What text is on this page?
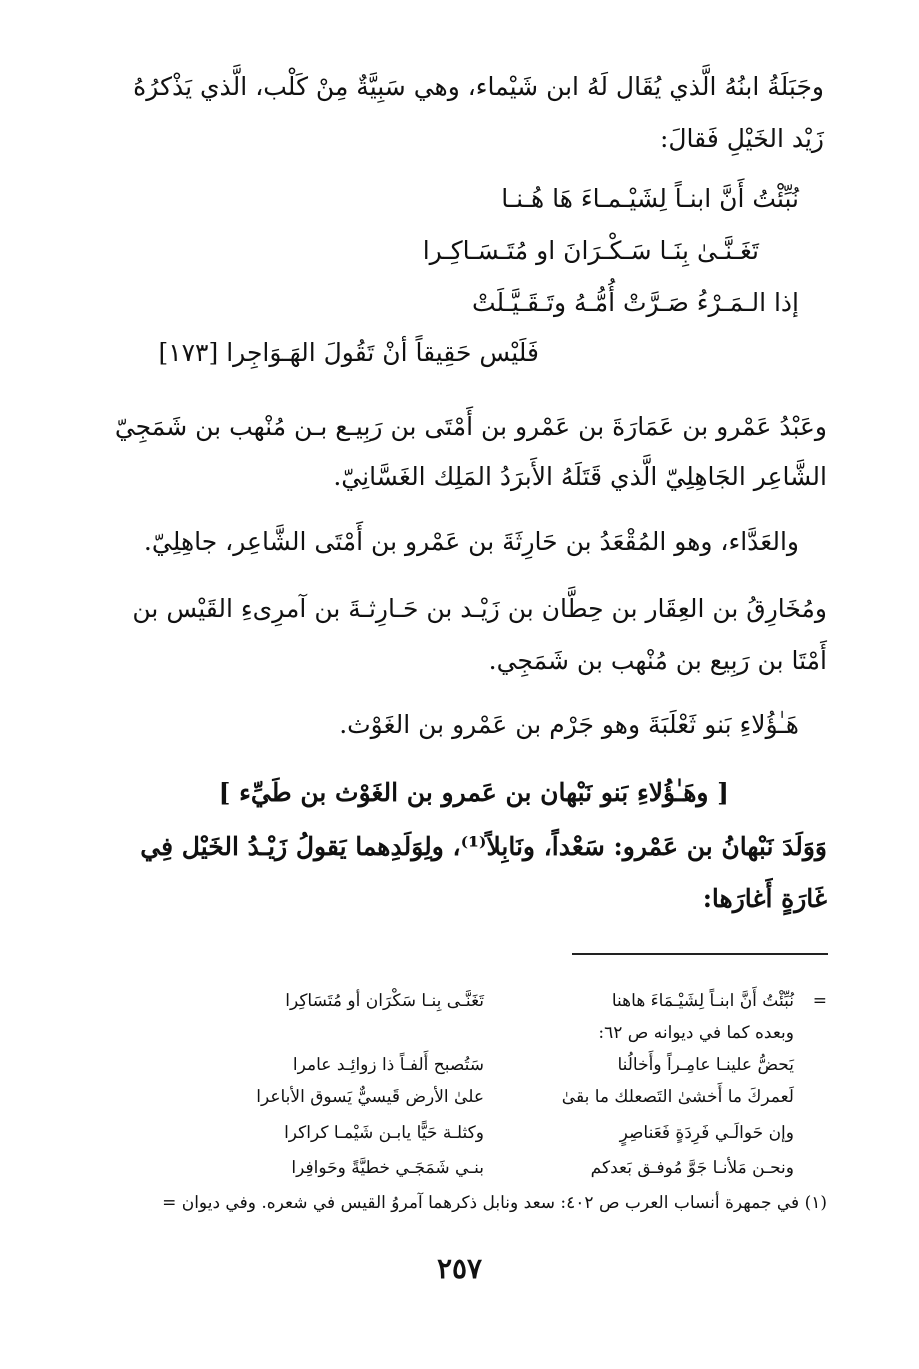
وجَبَلَةُ ابنُهُ الَّذي يُقَال لَهُ ابن شَيْماء، وهي سَبِيَّةٌ مِنْ كَلْب، الَّذي يَذْكرُهُ
زَيْد الخَيْلِ فَقالَ:
نُبِّئْتُ أَنَّ ابنـاً لِشَيْـمـاءَ هَا هُـنـا
تَغَـنَّـىٰ بِنَـا سَـكْـرَانَ او مُتَـسَـاكِـرا
إذا الـمَـرْءُ صَـرَّتْ أُمُّـهُ وتَـقَـيَّـلَتْ
فَلَيْس حَقِيقاً أنْ تَقُولَ الهَـوَاجِرا [١٧٣]
وعَبْدُ عَمْرو بن عَمَارَةَ بن عَمْرو بن أَمْتَى بن رَبِيـع بـن مُنْهب بن شَمَجِيّ
الشَّاعِر الجَاهِلِيّ الَّذي قَتَلَهُ الأَبرَدُ المَلِك الغَسَّانِيّ.
والعَدَّاء، وهو المُقْعَدُ بن حَارِثَةَ بن عَمْرو بن أَمْتَى الشَّاعِر، جاهِلِيّ.
ومُخَارِقُ بن العِقَار بن حِطَّان بن زَيْـد بن حَـارِثـةَ بن آمرِىءِ القَيْس بن
أَمْتَا بن رَبِيع بن مُنْهب بن شَمَجِي.
هَـٰؤُلاءِ بَنو ثَعْلَبَةَ وهو جَرْم بن عَمْرو بن الغَوْث.
[ وهَـٰؤُلاءِ بَنو نَبْهان بن عَمرو بن الغَوْث بن طَيِّء ]
وَوَلَدَ نَبْهانُ بن عَمْرو: سَعْداً، ونَابِلاً⁽¹⁾، ولِوَلَدِهما يَقولُ زَيْـدُ الخَيْل فِي
غَارَةٍ أَغارَها:
=
نُبِّئْتُ أَنَّ ابنـاً لِشَيْـمَاءَ هاهنا
تَغَنَّـى بِنـا سَكْرَان أو مُتَسَاكِرا
وبعده كما في ديوانه ص ٦٢:
يَحضُّ علينـا عامِـراً وأَخالُنا
سَتُصبح أَلفـاً ذا زوائِـد عامرا
لَعمركَ ما أَخشىٰ التَصعلك ما بقىٰ
علىٰ الأرض قَيسيٌّ يَسوق الأباعرا
وإن حَوالَـي فَرِدَةٍ فَعَناصِرٍ
وكثلـة حَيًّا يابـن شَيْمـا كراكرا
ونحـن مَلأنـا جَوَّ مُوفـق بَعدكم
بنـي شَمَجَـي خطيَّةً وحَوافِرا
(١) في جمهرة أنساب العرب ص ٤٠٢: سعد ونابل ذكرهما آمروُ القيس في شعره. وفي ديوان =
٢٥٧
